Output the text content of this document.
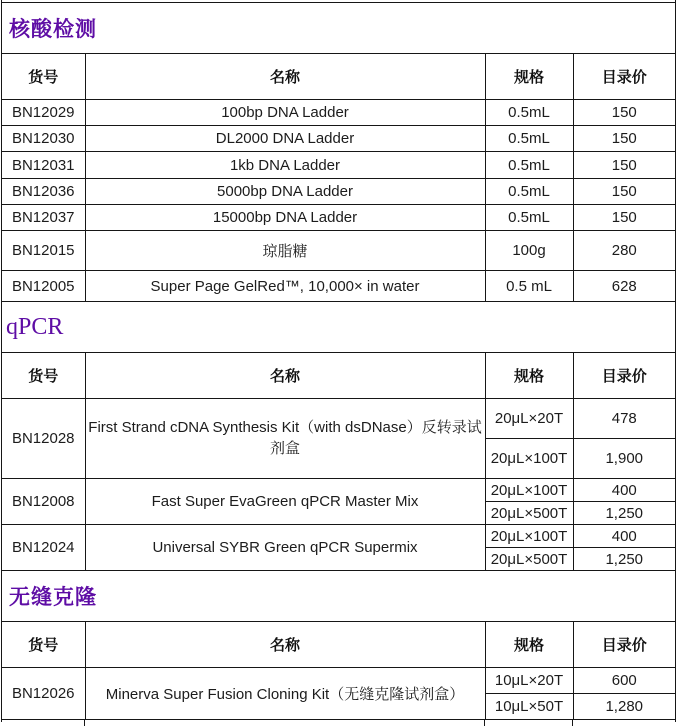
核酸检测
货号	名称	规格	目录价
BN12029	100bp DNA Ladder	0.5mL	150
BN12030	DL2000 DNA Ladder	0.5mL	150
BN12031	1kb DNA Ladder	0.5mL	150
BN12036	5000bp DNA Ladder	0.5mL	150
BN12037	15000bp DNA Ladder	0.5mL	150
BN12015	琼脂糖	100g	280
BN12005	Super Page GelRed™, 10,000× in water	0.5 mL	628
qPCR
货号	名称	规格	目录价
BN12028	First Strand cDNA Synthesis Kit（with dsDNase）反转录试剂盒	20μL×20T	478
		20μL×100T	1,900
BN12008	Fast Super EvaGreen qPCR Master Mix	20μL×100T	400
		20μL×500T	1,250
BN12024	Universal SYBR Green qPCR Supermix	20μL×100T	400
		20μL×500T	1,250
无缝克隆
货号	名称	规格	目录价
BN12026	Minerva Super Fusion Cloning Kit（无缝克隆试剂盒）	10μL×20T	600
		10μL×50T	1,280
